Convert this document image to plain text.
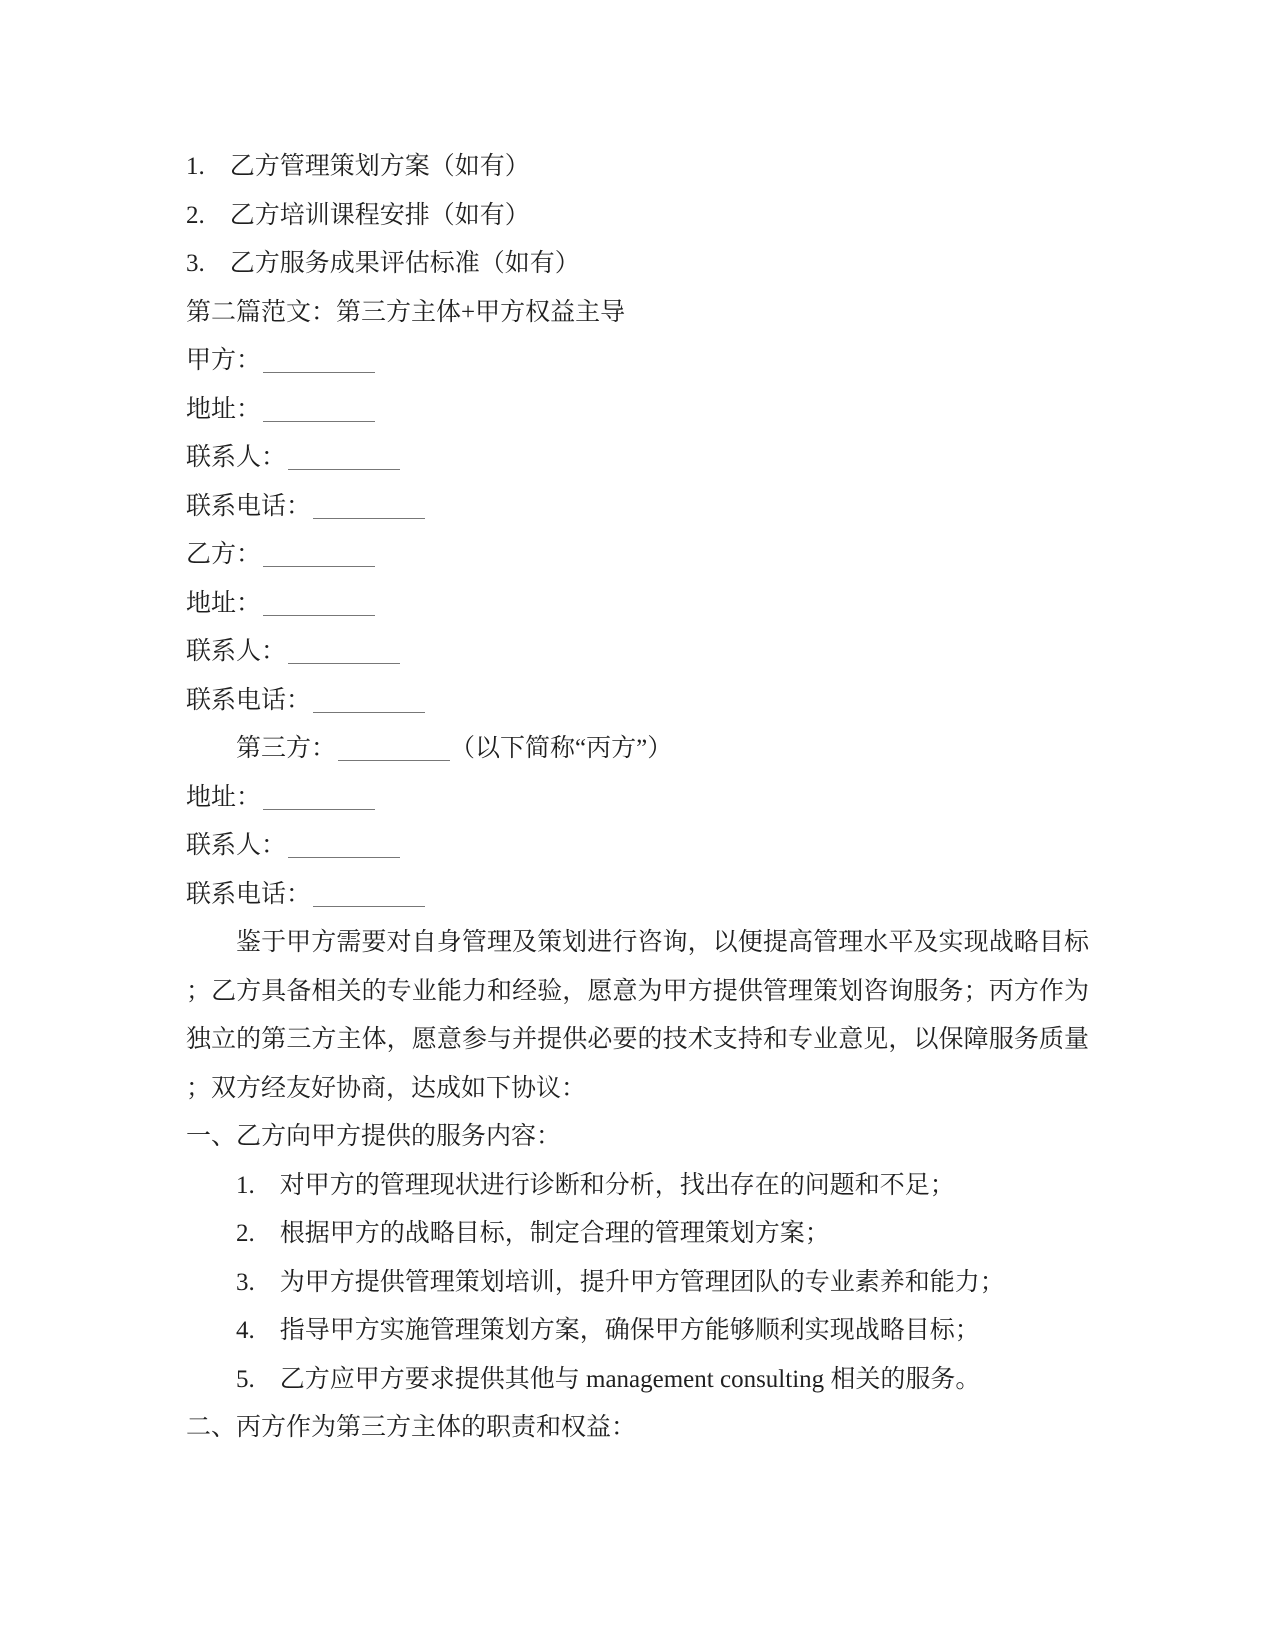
1.　乙方管理策划方案（如有）
2.　乙方培训课程安排（如有）
3.　乙方服务成果评估标准（如有）
第二篇范文：第三方主体+甲方权益主导
甲方：
地址：
联系人：
联系电话：
乙方：
地址：
联系人：
联系电话：
第三方：	（以下简称“丙方”）
地址：
联系人：
联系电话：
鉴于甲方需要对自身管理及策划进行咨询，以便提高管理水平及实现战略目标
；乙方具备相关的专业能力和经验，愿意为甲方提供管理策划咨询服务；丙方作为
独立的第三方主体，愿意参与并提供必要的技术支持和专业意见，以保障服务质量
；双方经友好协商，达成如下协议：
一、乙方向甲方提供的服务内容：
1.　对甲方的管理现状进行诊断和分析，找出存在的问题和不足；
2.　根据甲方的战略目标，制定合理的管理策划方案；
3.　为甲方提供管理策划培训，提升甲方管理团队的专业素养和能力；
4.　指导甲方实施管理策划方案，确保甲方能够顺利实现战略目标；
5.　乙方应甲方要求提供其他与 management consulting 相关的服务。
二、丙方作为第三方主体的职责和权益：
